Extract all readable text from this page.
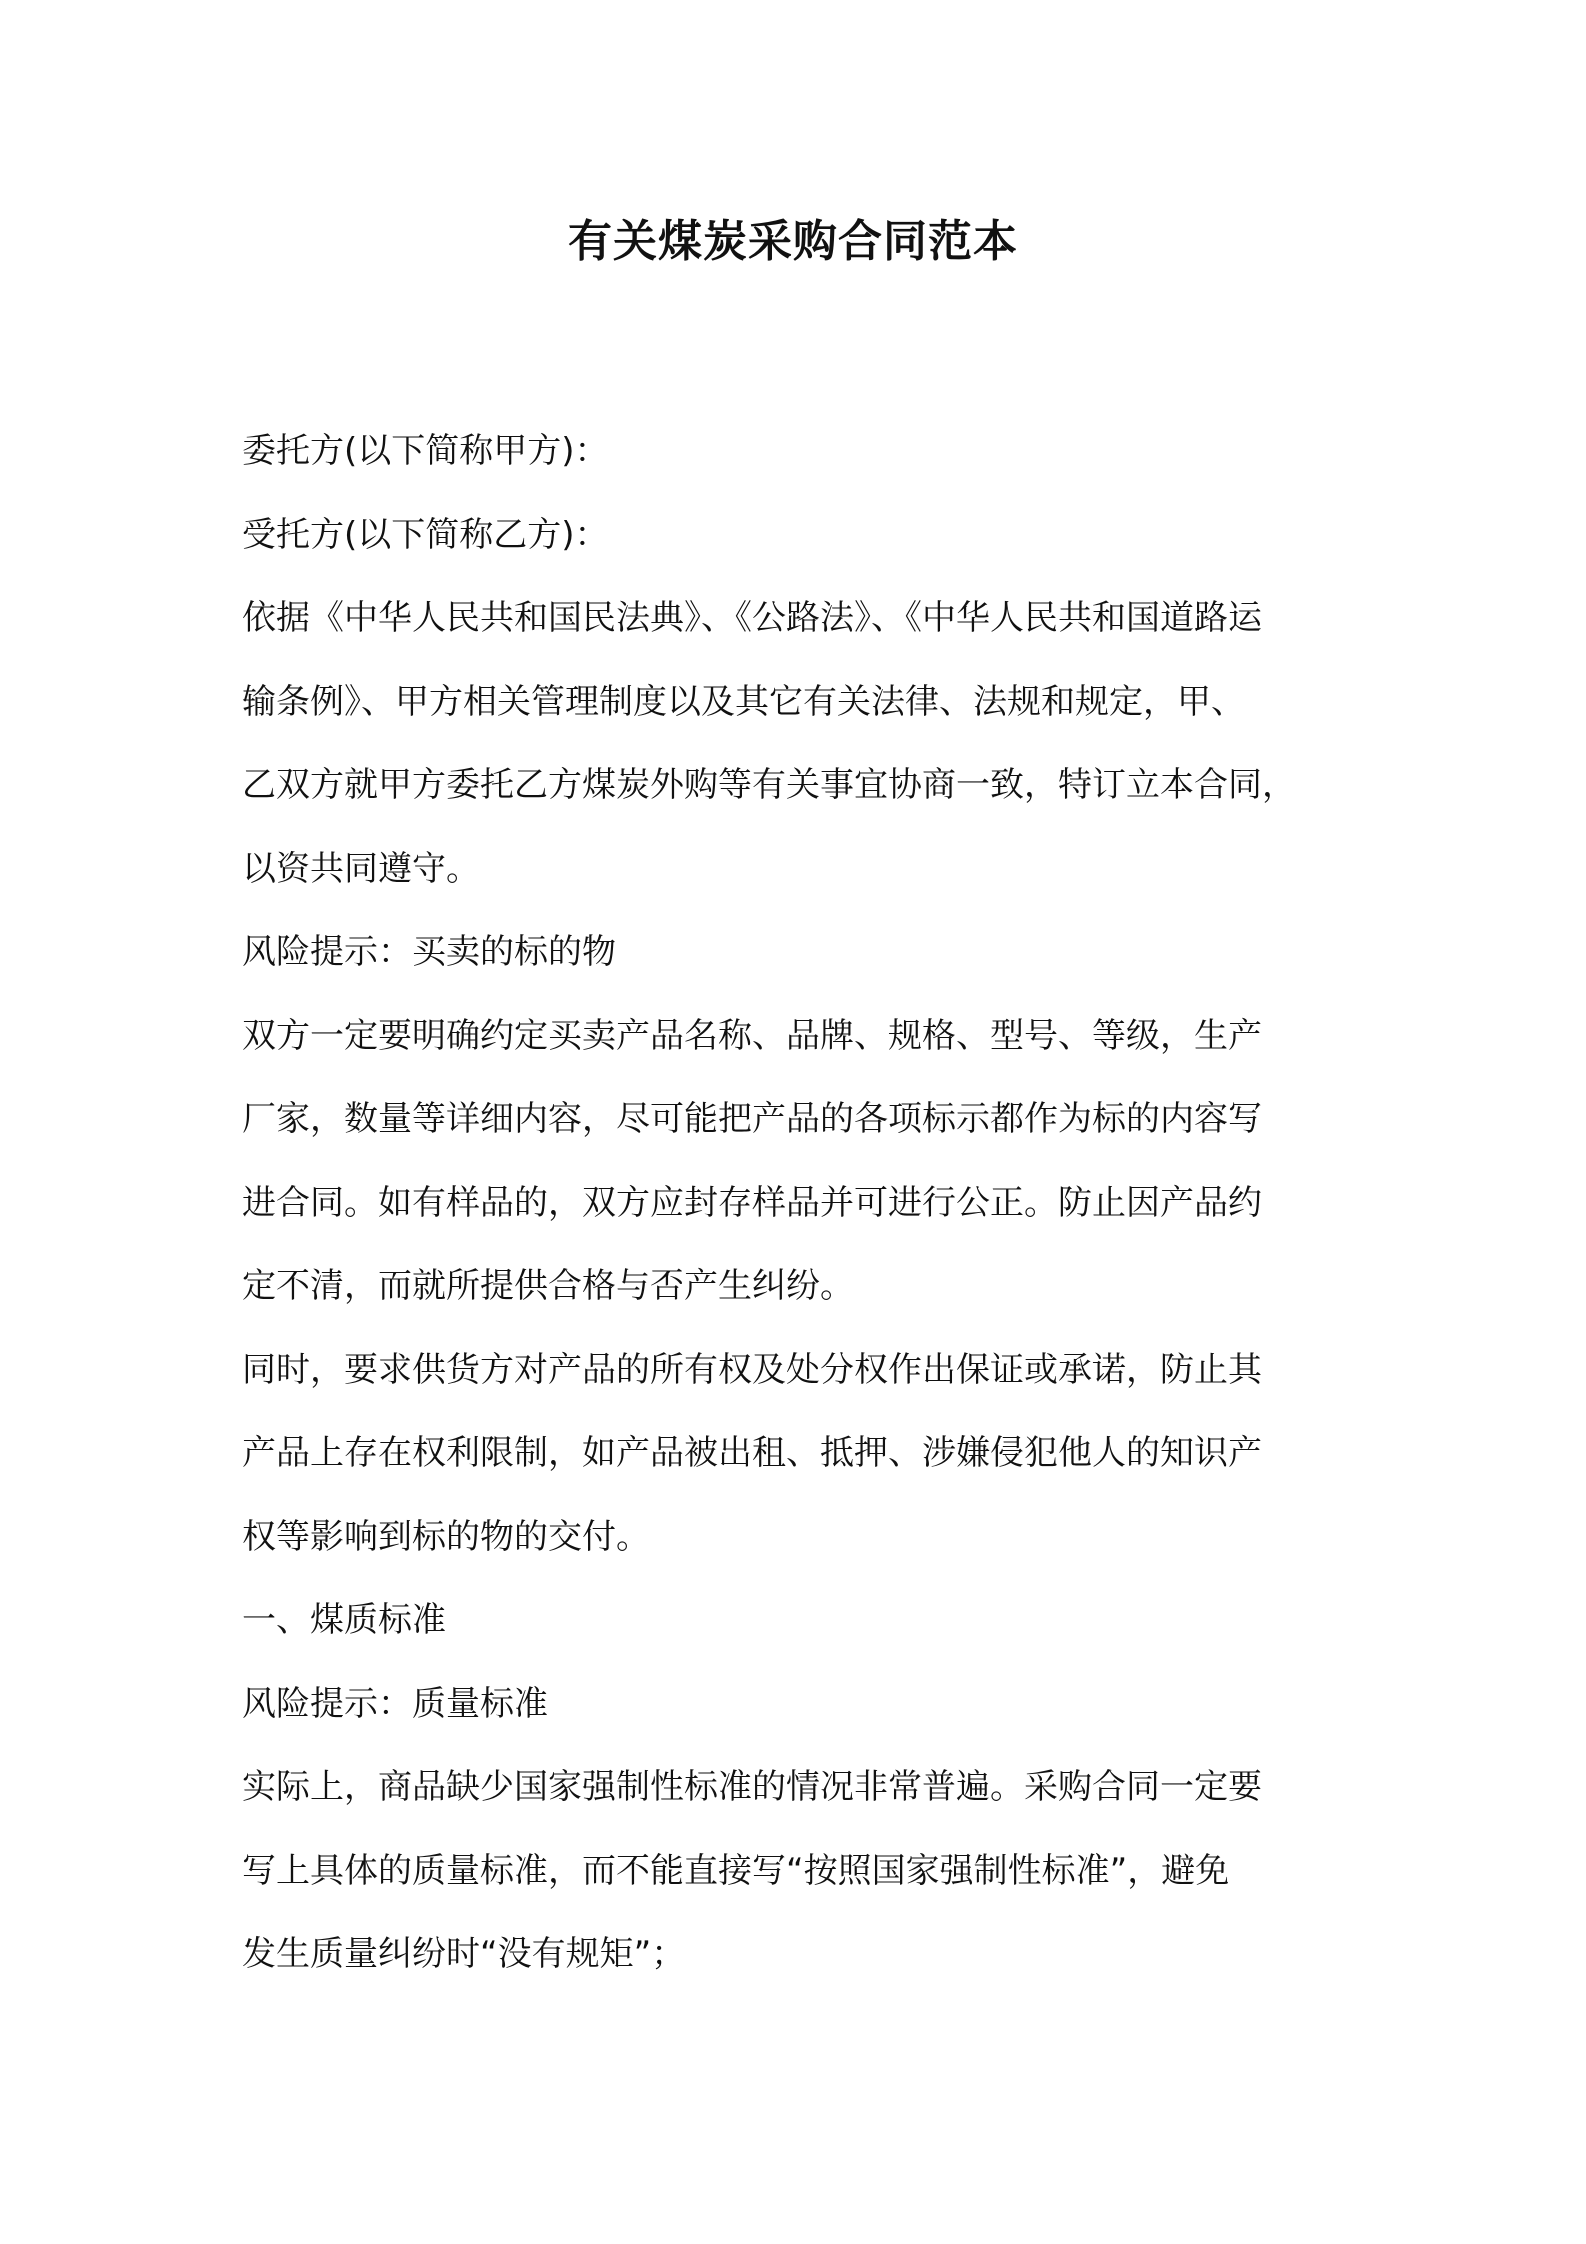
有关煤炭采购合同范本
委托方(以下简称甲方)：
受托方(以下简称乙方)：
依据《中华人民共和国民法典》、《公路法》、《中华人民共和国道路运
输条例》、甲方相关管理制度以及其它有关法律、法规和规定，甲、
乙双方就甲方委托乙方煤炭外购等有关事宜协商一致，特订立本合同，
以资共同遵守。
风险提示：买卖的标的物
双方一定要明确约定买卖产品名称、品牌、规格、型号、等级，生产
厂家，数量等详细内容，尽可能把产品的各项标示都作为标的内容写
进合同。如有样品的，双方应封存样品并可进行公正。防止因产品约
定不清，而就所提供合格与否产生纠纷。
同时，要求供货方对产品的所有权及处分权作出保证或承诺，防止其
产品上存在权利限制，如产品被出租、抵押、涉嫌侵犯他人的知识产
权等影响到标的物的交付。
一、煤质标准
风险提示：质量标准
实际上，商品缺少国家强制性标准的情况非常普遍。采购合同一定要
写上具体的质量标准，而不能直接写“按照国家强制性标准”，避免
发生质量纠纷时“没有规矩”；
